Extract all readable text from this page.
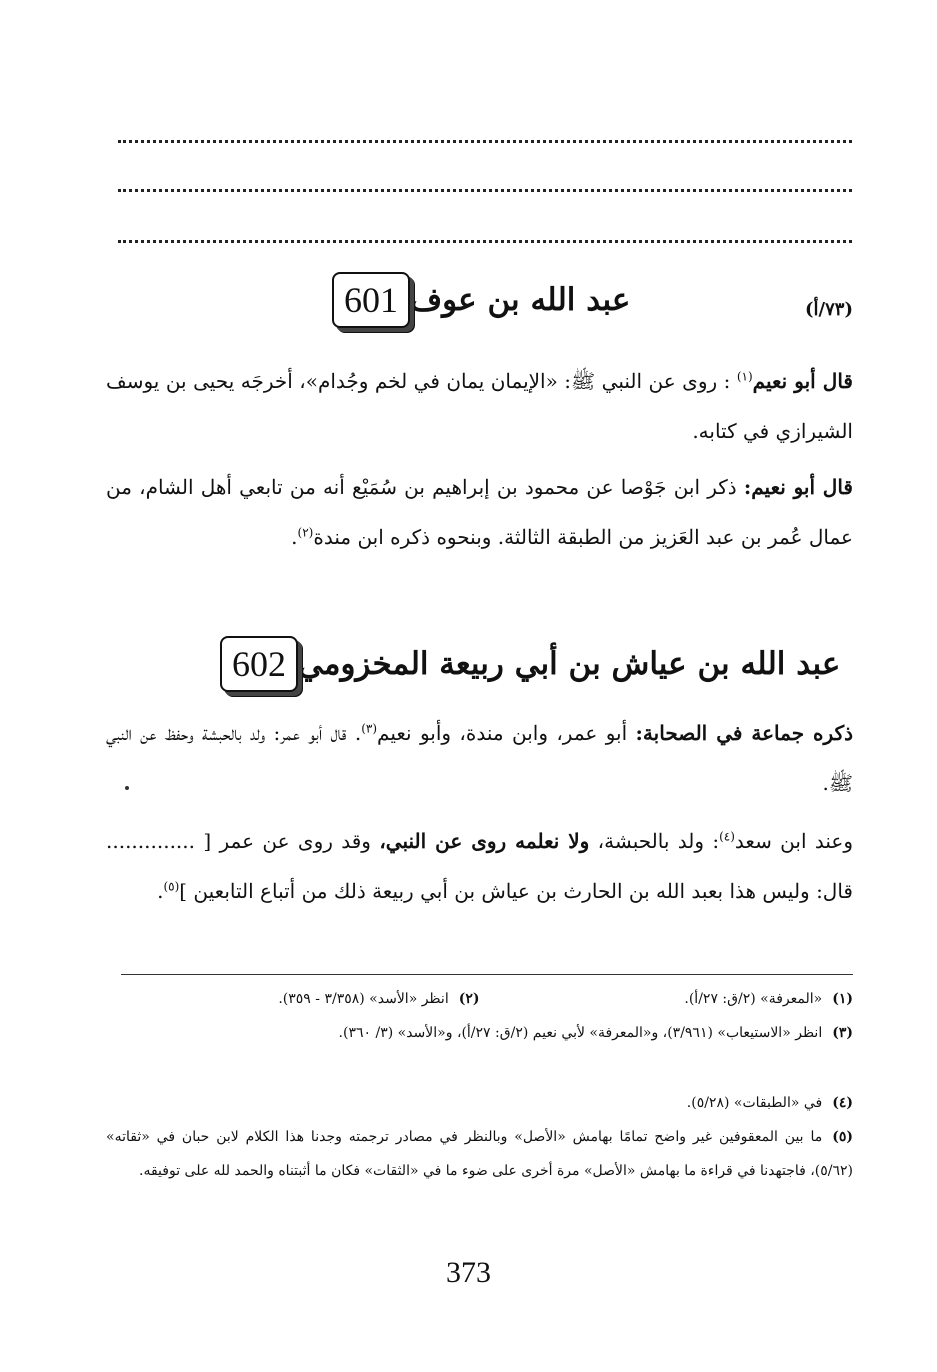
601 عبد الله بن عوف	(٧٣/أ)
قال أبو نعيم$^{(١)}$ : روى عن النبي ﷺ: «الإيمان يمان في لخم وجُدام»، أخرجَه يحيى بن يوسف الشيرازي في كتابه.
قال أبو نعيم: ذكر ابن جَوْصا عن محمود بن إبراهيم بن سُمَيْع أنه من تابعي أهل الشام، من عمال عُمر بن عبد العَزيز من الطبقة الثالثة. وبنحوه ذكره ابن مندة$^{(٢)}$.
602 عبد الله بن عياش بن أبي ربيعة المخزومي
ذكره جماعة في الصحابة: أبو عمر، وابن مندة، وأبو نعيم$^{(٣)}$. قال أبو عمر: ولد بالحبشة وحفظ عن النبي ﷺ.
وعند ابن سعد$^{(٤)}$: ولد بالحبشة، ولا نعلمه روى عن النبي، وقد روى عن عمر [ .............. قال: وليس هذا بعبد الله بن الحارث بن عياش بن أبي ربيعة ذلك من أتباع التابعين ]$^{(٥)}$.
(١)«المعرفة» (٢/ق: ٢٧/أ).
(٢)انظر «الأسد» (٣/٣٥٨ - ٣٥٩).
(٣)انظر «الاستيعاب» (٣/٩٦١)، و«المعرفة» لأبي نعيم (٢/ق: ٢٧/أ)، و«الأسد» (٣/ ٣٦٠).
(٤)في «الطبقات» (٥/٢٨).
(٥)ما بين المعقوفين غير واضح تمامًا بهامش «الأصل» وبالنظر في مصادر ترجمته وجدنا هذا الكلام لابن حبان في «ثقاته» (٥/٦٢)، فاجتهدنا في قراءة ما بهامش «الأصل» مرة أخرى على ضوء ما في «الثقات» فكان ما أثبتناه والحمد لله على توفيقه.
373
